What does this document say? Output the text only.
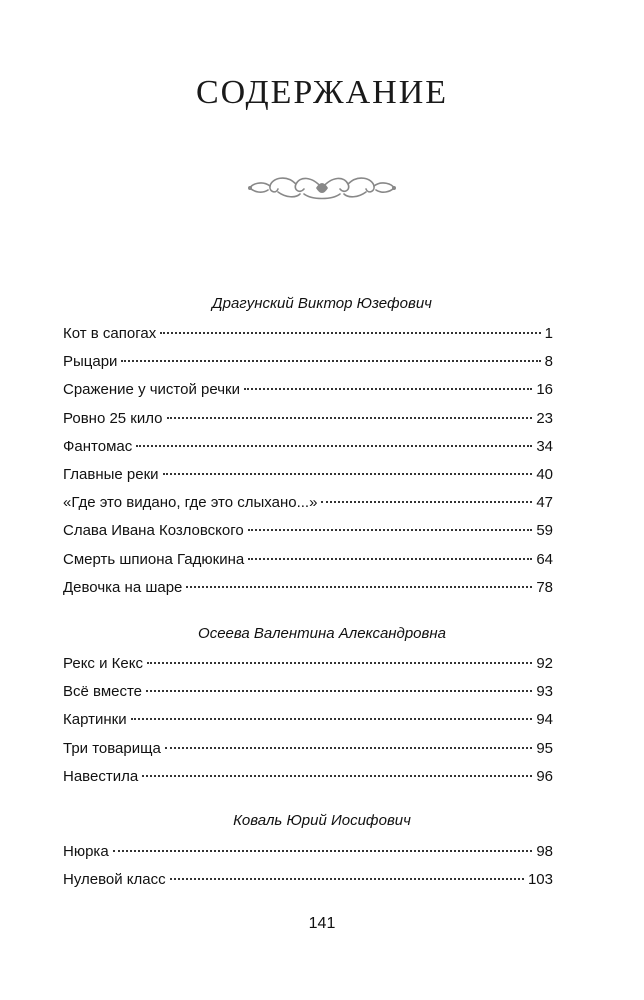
СОДЕРЖАНИЕ
Драгунский Виктор Юзефович
Кот в сапогах	1
Рыцари	8
Сражение у чистой речки	16
Ровно 25 кило	23
Фантомас	34
Главные реки	40
«Где это видано, где это слыхано...»	47
Слава Ивана Козловского	59
Смерть шпиона Гадюкина	64
Девочка на шаре	78
Осеева Валентина Александровна
Рекс и Кекс	92
Всё вместе	93
Картинки	94
Три товарища	95
Навестила	96
Коваль Юрий Иосифович
Нюрка	98
Нулевой класс	103
141
